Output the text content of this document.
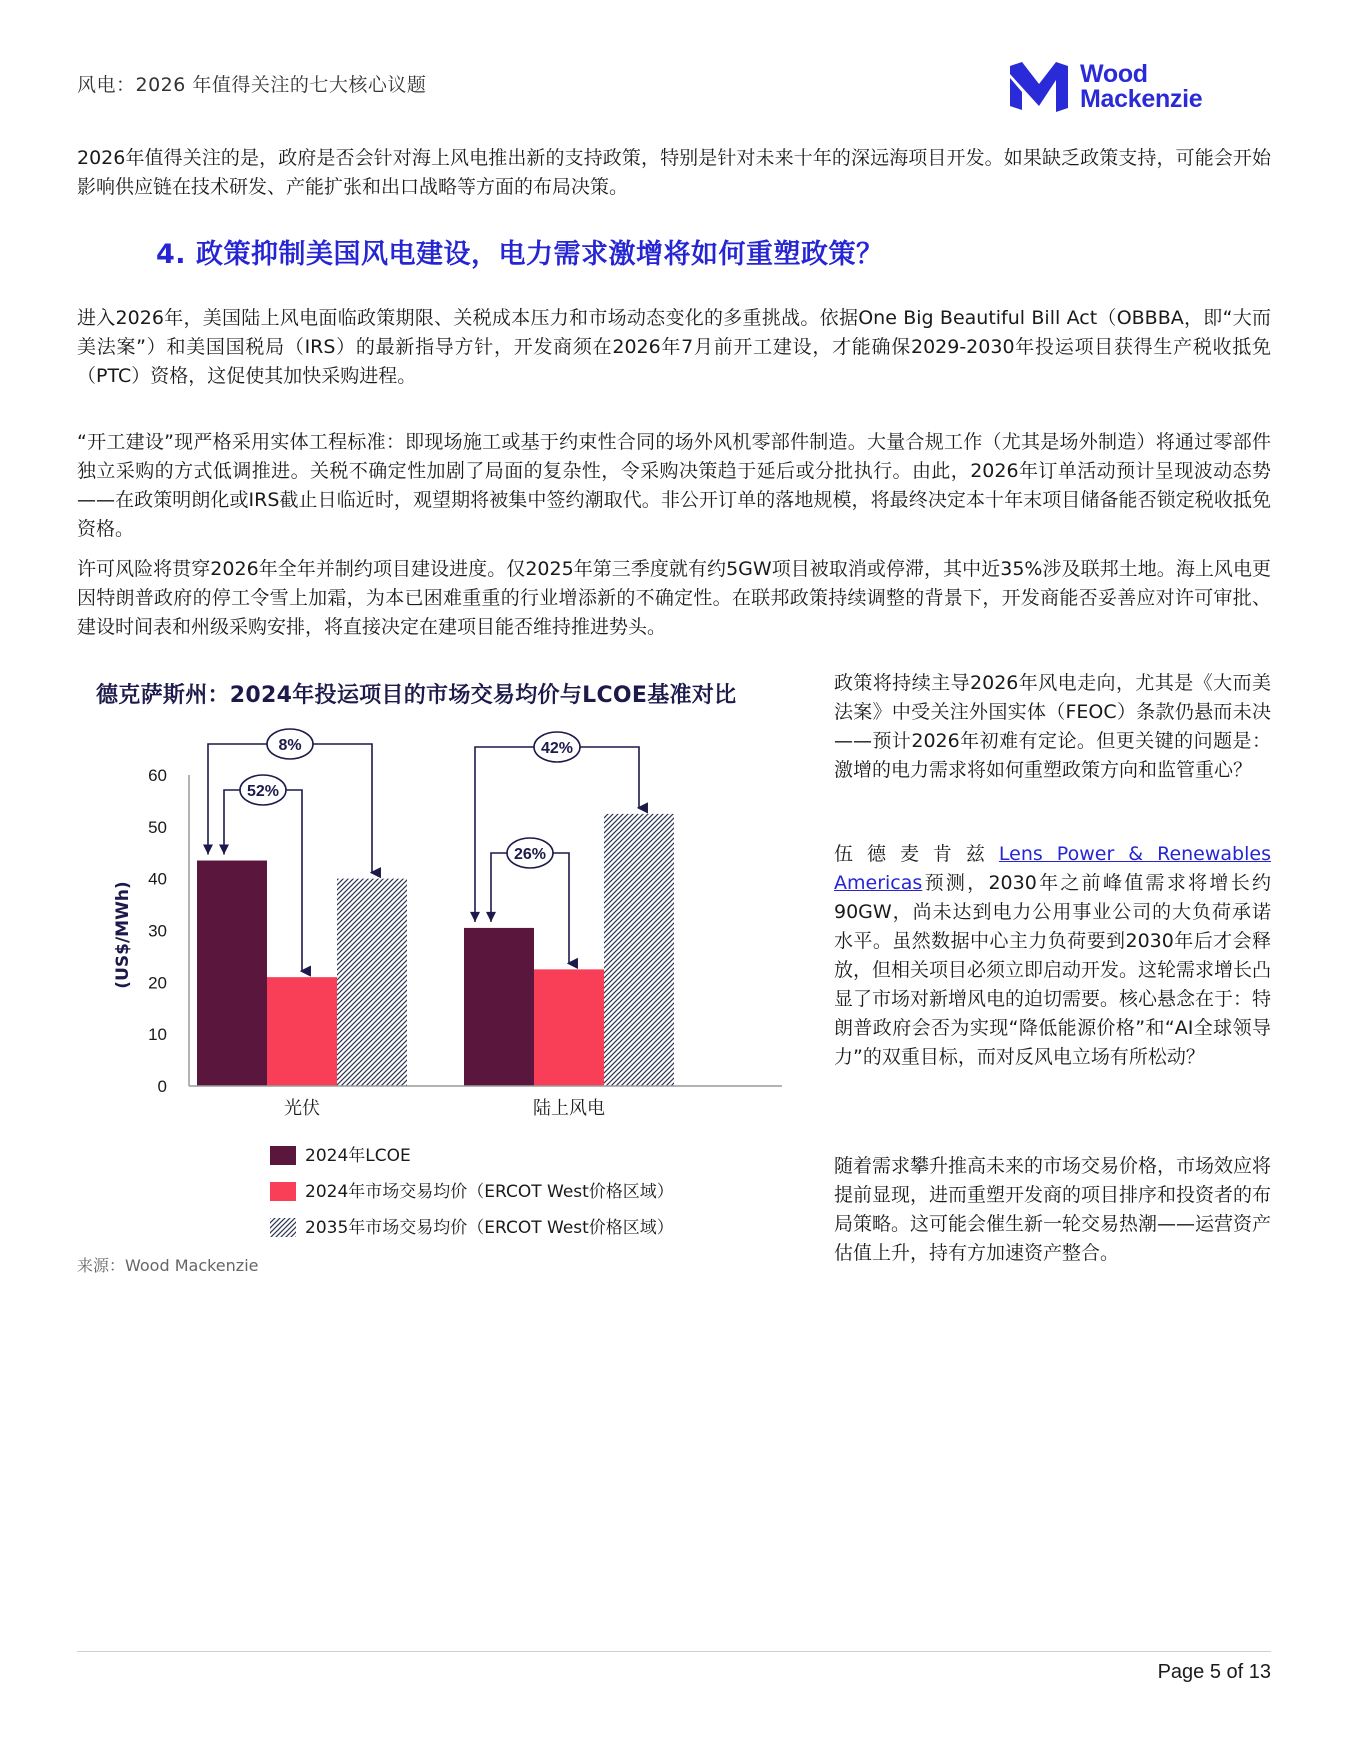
风电：2026 年值得关注的七大核心议题	Wood
Mackenzie
2026年值得关注的是，政府是否会针对海上风电推出新的支持政策，特别是针对未来十年的深远海项目开发。如果缺乏政策支持，可能会开始影响供应链在技术研发、产能扩张和出口战略等方面的布局决策。
4. 政策抑制美国风电建设，电力需求激增将如何重塑政策？
进入2026年，美国陆上风电面临政策期限、关税成本压力和市场动态变化的多重挑战。依据One Big Beautiful Bill Act（OBBBA，即“大而美法案”）和美国国税局（IRS）的最新指导方针，开发商须在2026年7月前开工建设，才能确保2029-2030年投运项目获得生产税收抵免（PTC）资格，这促使其加快采购进程。
“开工建设”现严格采用实体工程标准：即现场施工或基于约束性合同的场外风机零部件制造。大量合规工作（尤其是场外制造）将通过零部件独立采购的方式低调推进。关税不确定性加剧了局面的复杂性，令采购决策趋于延后或分批执行。由此，2026年订单活动预计呈现波动态势——在政策明朗化或IRS截止日临近时，观望期将被集中签约潮取代。非公开订单的落地规模，将最终决定本十年末项目储备能否锁定税收抵免资格。
许可风险将贯穿2026年全年并制约项目建设进度。仅2025年第三季度就有约5GW项目被取消或停滞，其中近35%涉及联邦土地。海上风电更因特朗普政府的停工令雪上加霜，为本已困难重重的行业增添新的不确定性。在联邦政策持续调整的背景下，开发商能否妥善应对许可审批、建设时间表和州级采购安排，将直接决定在建项目能否维持推进势头。
德克萨斯州：2024年投运项目的市场交易均价与LCOE基准对比
0
10
20
30
40
50
60
(US$/MWh)
8%
52%
42%
26%
光伏	陆上风电
2024年LCOE
2024年市场交易均价（ERCOT West价格区域）
2035年市场交易均价（ERCOT West价格区域）
来源：Wood Mackenzie
政策将持续主导2026年风电走向，尤其是《大而美法案》中受关注外国实体（FEOC）条款仍悬而未决——预计2026年初难有定论。但更关键的问题是：激增的电力需求将如何重塑政策方向和监管重心？
伍德麦肯兹Lens Power & Renewables Americas预测，2030年之前峰值需求将增长约90GW，尚未达到电力公用事业公司的大负荷承诺水平。虽然数据中心主力负荷要到2030年后才会释放，但相关项目必须立即启动开发。这轮需求增长凸显了市场对新增风电的迫切需要。核心悬念在于：特朗普政府会否为实现“降低能源价格”和“AI全球领导力”的双重目标，而对反风电立场有所松动？
随着需求攀升推高未来的市场交易价格，市场效应将提前显现，进而重塑开发商的项目排序和投资者的布局策略。这可能会催生新一轮交易热潮——运营资产估值上升，持有方加速资产整合。
Page 5 of 13
